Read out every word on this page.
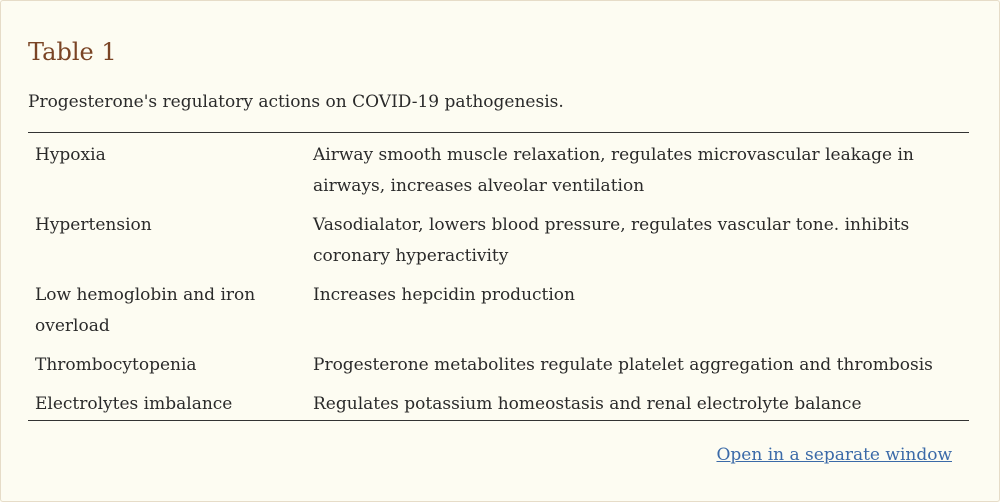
Table 1

Progesterone's regulatory actions on COVID-19 pathogenesis.

Hypoxia	Airway smooth muscle relaxation, regulates microvascular leakage in airways, increases alveolar ventilation
Hypertension	Vasodialator, lowers blood pressure, regulates vascular tone. inhibits coronary hyperactivity
Low hemoglobin and iron overload	Increases hepcidin production
Thrombocytopenia	Progesterone metabolites regulate platelet aggregation and thrombosis
Electrolytes imbalance	Regulates potassium homeostasis and renal electrolyte balance
Open in a separate window
